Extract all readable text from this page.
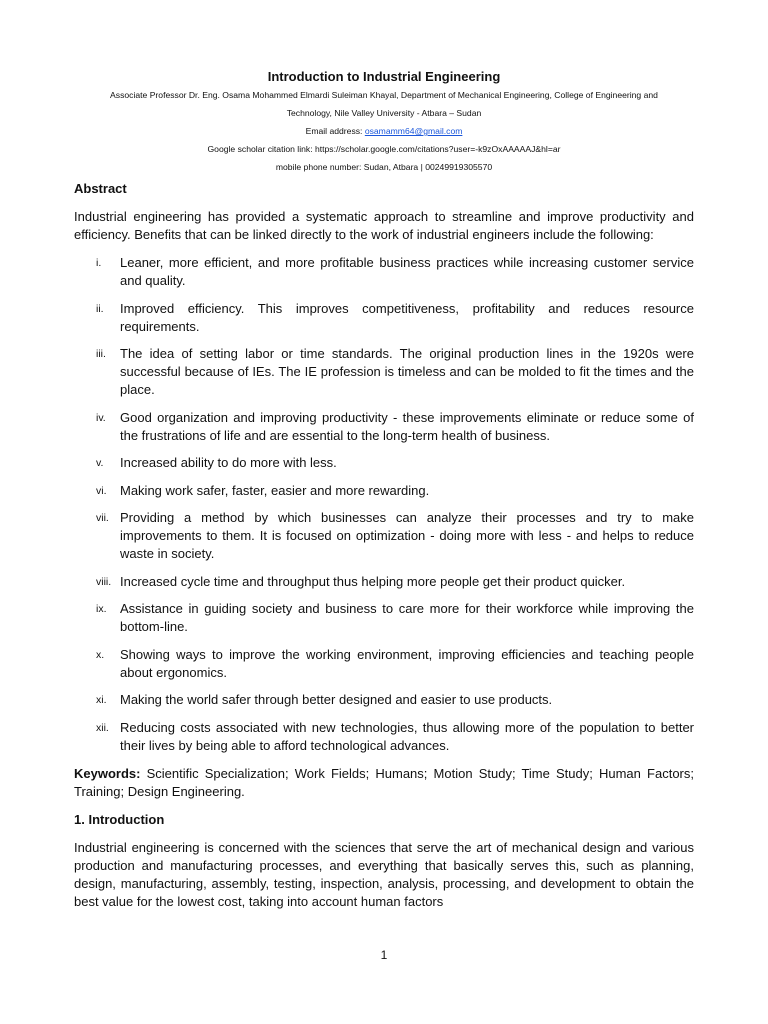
Introduction to Industrial Engineering
Associate Professor Dr. Eng. Osama Mohammed Elmardi Suleiman Khayal, Department of Mechanical Engineering, College of Engineering and
Technology, Nile Valley University - Atbara – Sudan
Email address: osamamm64@gmail.com
Google scholar citation link: https://scholar.google.com/citations?user=-k9zOxAAAAAJ&hl=ar
mobile phone number: Sudan, Atbara | 00249919305570
Abstract

Industrial engineering has provided a systematic approach to streamline and improve productivity and efficiency. Benefits that can be linked directly to the work of industrial engineers include the following:

i.	Leaner, more efficient, and more profitable business practices while increasing customer service and quality.
ii.	Improved efficiency. This improves competitiveness, profitability and reduces resource requirements.
iii.	The idea of setting labor or time standards. The original production lines in the 1920s were successful because of IEs. The IE profession is timeless and can be molded to fit the times and the place.
iv.	Good organization and improving productivity - these improvements eliminate or reduce some of the frustrations of life and are essential to the long-term health of business.
v.	Increased ability to do more with less.
vi.	Making work safer, faster, easier and more rewarding.
vii. Providing a method by which businesses can analyze their processes and try to make improvements to them. It is focused on optimization - doing more with less - and helps to reduce waste in society.
viii. Increased cycle time and throughput thus helping more people get their product quicker.
ix.	Assistance in guiding society and business to care more for their workforce while improving the bottom-line.
x.	Showing ways to improve the working environment, improving efficiencies and teaching people about ergonomics.
xi.	Making the world safer through better designed and easier to use products.
xii. Reducing costs associated with new technologies, thus allowing more of the population to better their lives by being able to afford technological advances.

Keywords: Scientific Specialization; Work Fields; Humans; Motion Study; Time Study; Human Factors; Training; Design Engineering.

1. Introduction

Industrial engineering is concerned with the sciences that serve the art of mechanical design and various production and manufacturing processes, and everything that basically serves this, such as planning, design, manufacturing, assembly, testing, inspection, analysis, processing, and development to obtain the best value for the lowest cost, taking into account human factors

1
